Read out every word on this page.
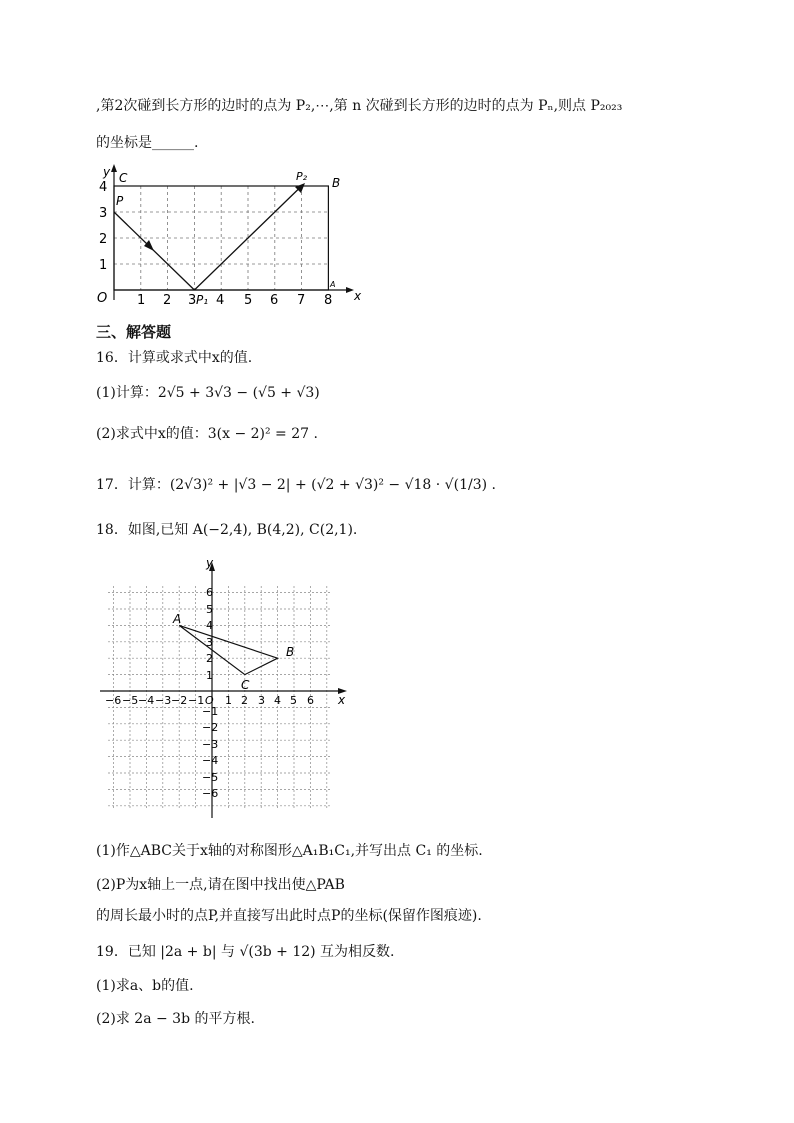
,第2次碰到长方形的边时的点为 P₂,⋯,第 n 次碰到长方形的边时的点为 Pₙ,则点 P₂₀₂₃
的坐标是______.
y
x
O
C	B
P
P₁
P₂
A
1 2 3 4 5 6 7 8
1
2
3
4
三、解答题
16．计算或求式中x的值.
(1)计算：2√5 + 3√3 − (√5 + √3)
(2)求式中x的值：3(x − 2)² = 27 .
17．计算：(2√3)² + |√3 − 2| + (√2 + √3)² − √18 · √(1/3) .
18．如图,已知 A(−2,4), B(4,2), C(2,1).
A
B
C
y
x
O
−6 −5 −4 −3 −2 −1 1 2 3 4 5 6
6
5
4
3
2
1
−1
−2
−3
−4
−5
−6
(1)作△ABC关于x轴的对称图形△A₁B₁C₁,并写出点 C₁ 的坐标.
(2)P为x轴上一点,请在图中找出使△PAB
的周长最小时的点P,并直接写出此时点P的坐标(保留作图痕迹).
19．已知 |2a + b| 与 √(3b + 12) 互为相反数.
(1)求a、b的值.
(2)求 2a − 3b 的平方根.
